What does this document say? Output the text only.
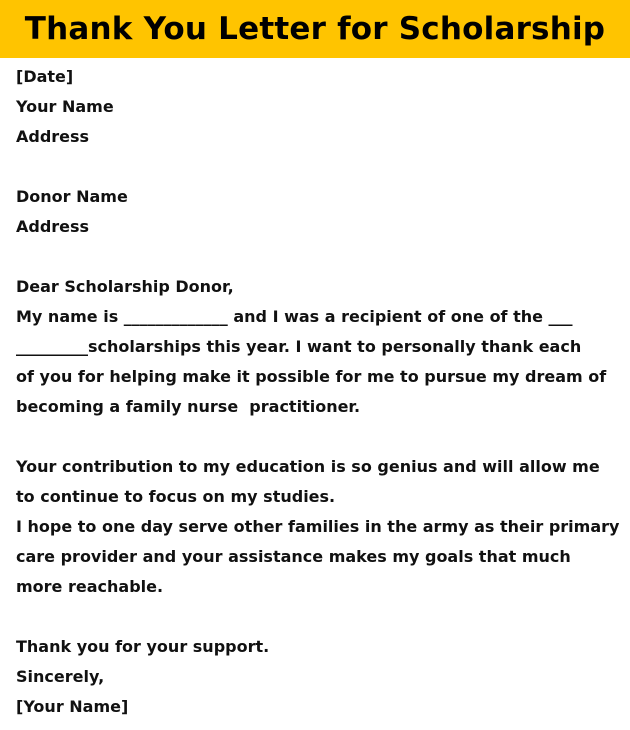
Thank You Letter for Scholarship
[Date]
Your Name
Address
Donor Name
Address
Dear Scholarship Donor,
My name is _____________ and I was a recipient of one of the ___
_________scholarships this year. I want to personally thank each
of you for helping make it possible for me to pursue my dream of
becoming a family nurse  practitioner.
Your contribution to my education is so genius and will allow me
to continue to focus on my studies.
I hope to one day serve other families in the army as their primary
care provider and your assistance makes my goals that much
more reachable.
Thank you for your support.
Sincerely,
[Your Name]
